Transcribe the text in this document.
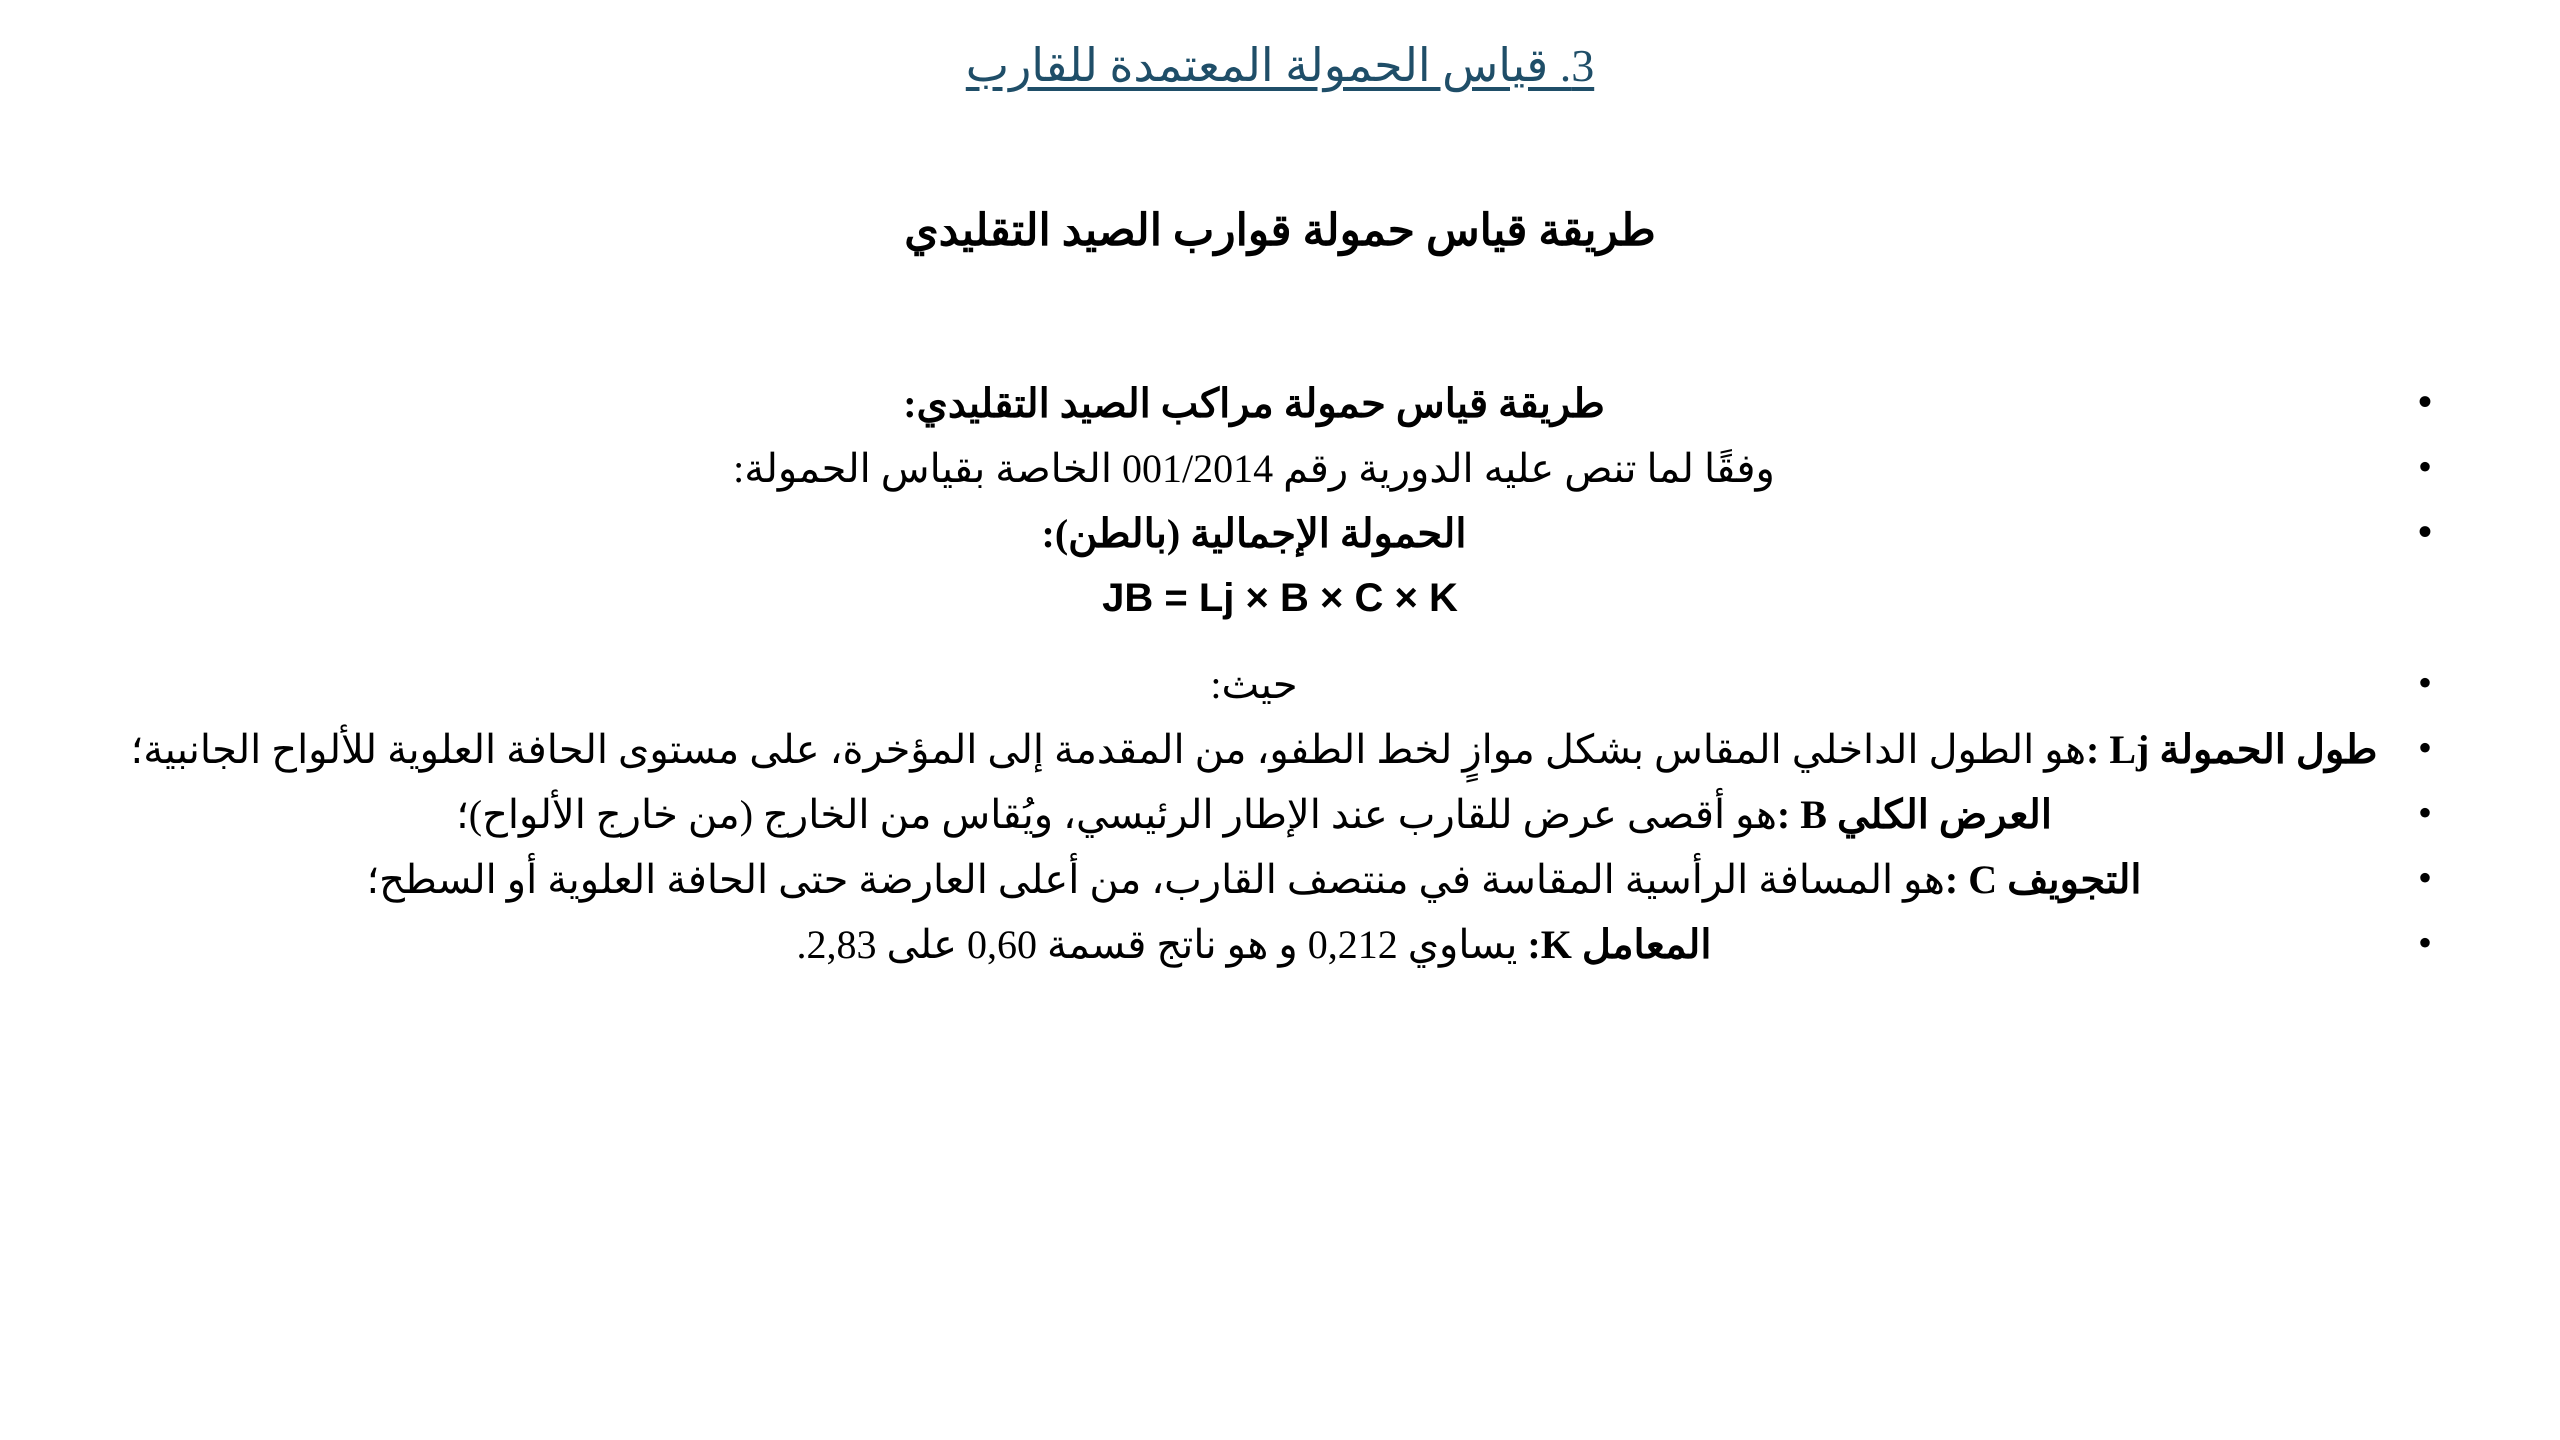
3. قياس الحمولة المعتمدة للقارب
طريقة قياس حمولة قوارب الصيد التقليدي
• طريقة قياس حمولة مراكب الصيد التقليدي:
• وفقًا لما تنص عليه الدورية رقم 001/2014 الخاصة بقياس الحمولة:
• الحمولة الإجمالية (بالطن):
JB = Lj × B × C × K
• حيث:
• طول الحمولة Lj :هو الطول الداخلي المقاس بشكل موازٍ لخط الطفو، من المقدمة إلى المؤخرة، على مستوى الحافة العلوية للألواح الجانبية؛
• العرض الكلي B :هو أقصى عرض للقارب عند الإطار الرئيسي، ويُقاس من الخارج (من خارج الألواح)؛
• التجويف C :هو المسافة الرأسية المقاسة في منتصف القارب، من أعلى العارضة حتى الحافة العلوية أو السطح؛
• المعامل K: يساوي 0,212 و هو ناتج قسمة 0,60 على 2,83.
